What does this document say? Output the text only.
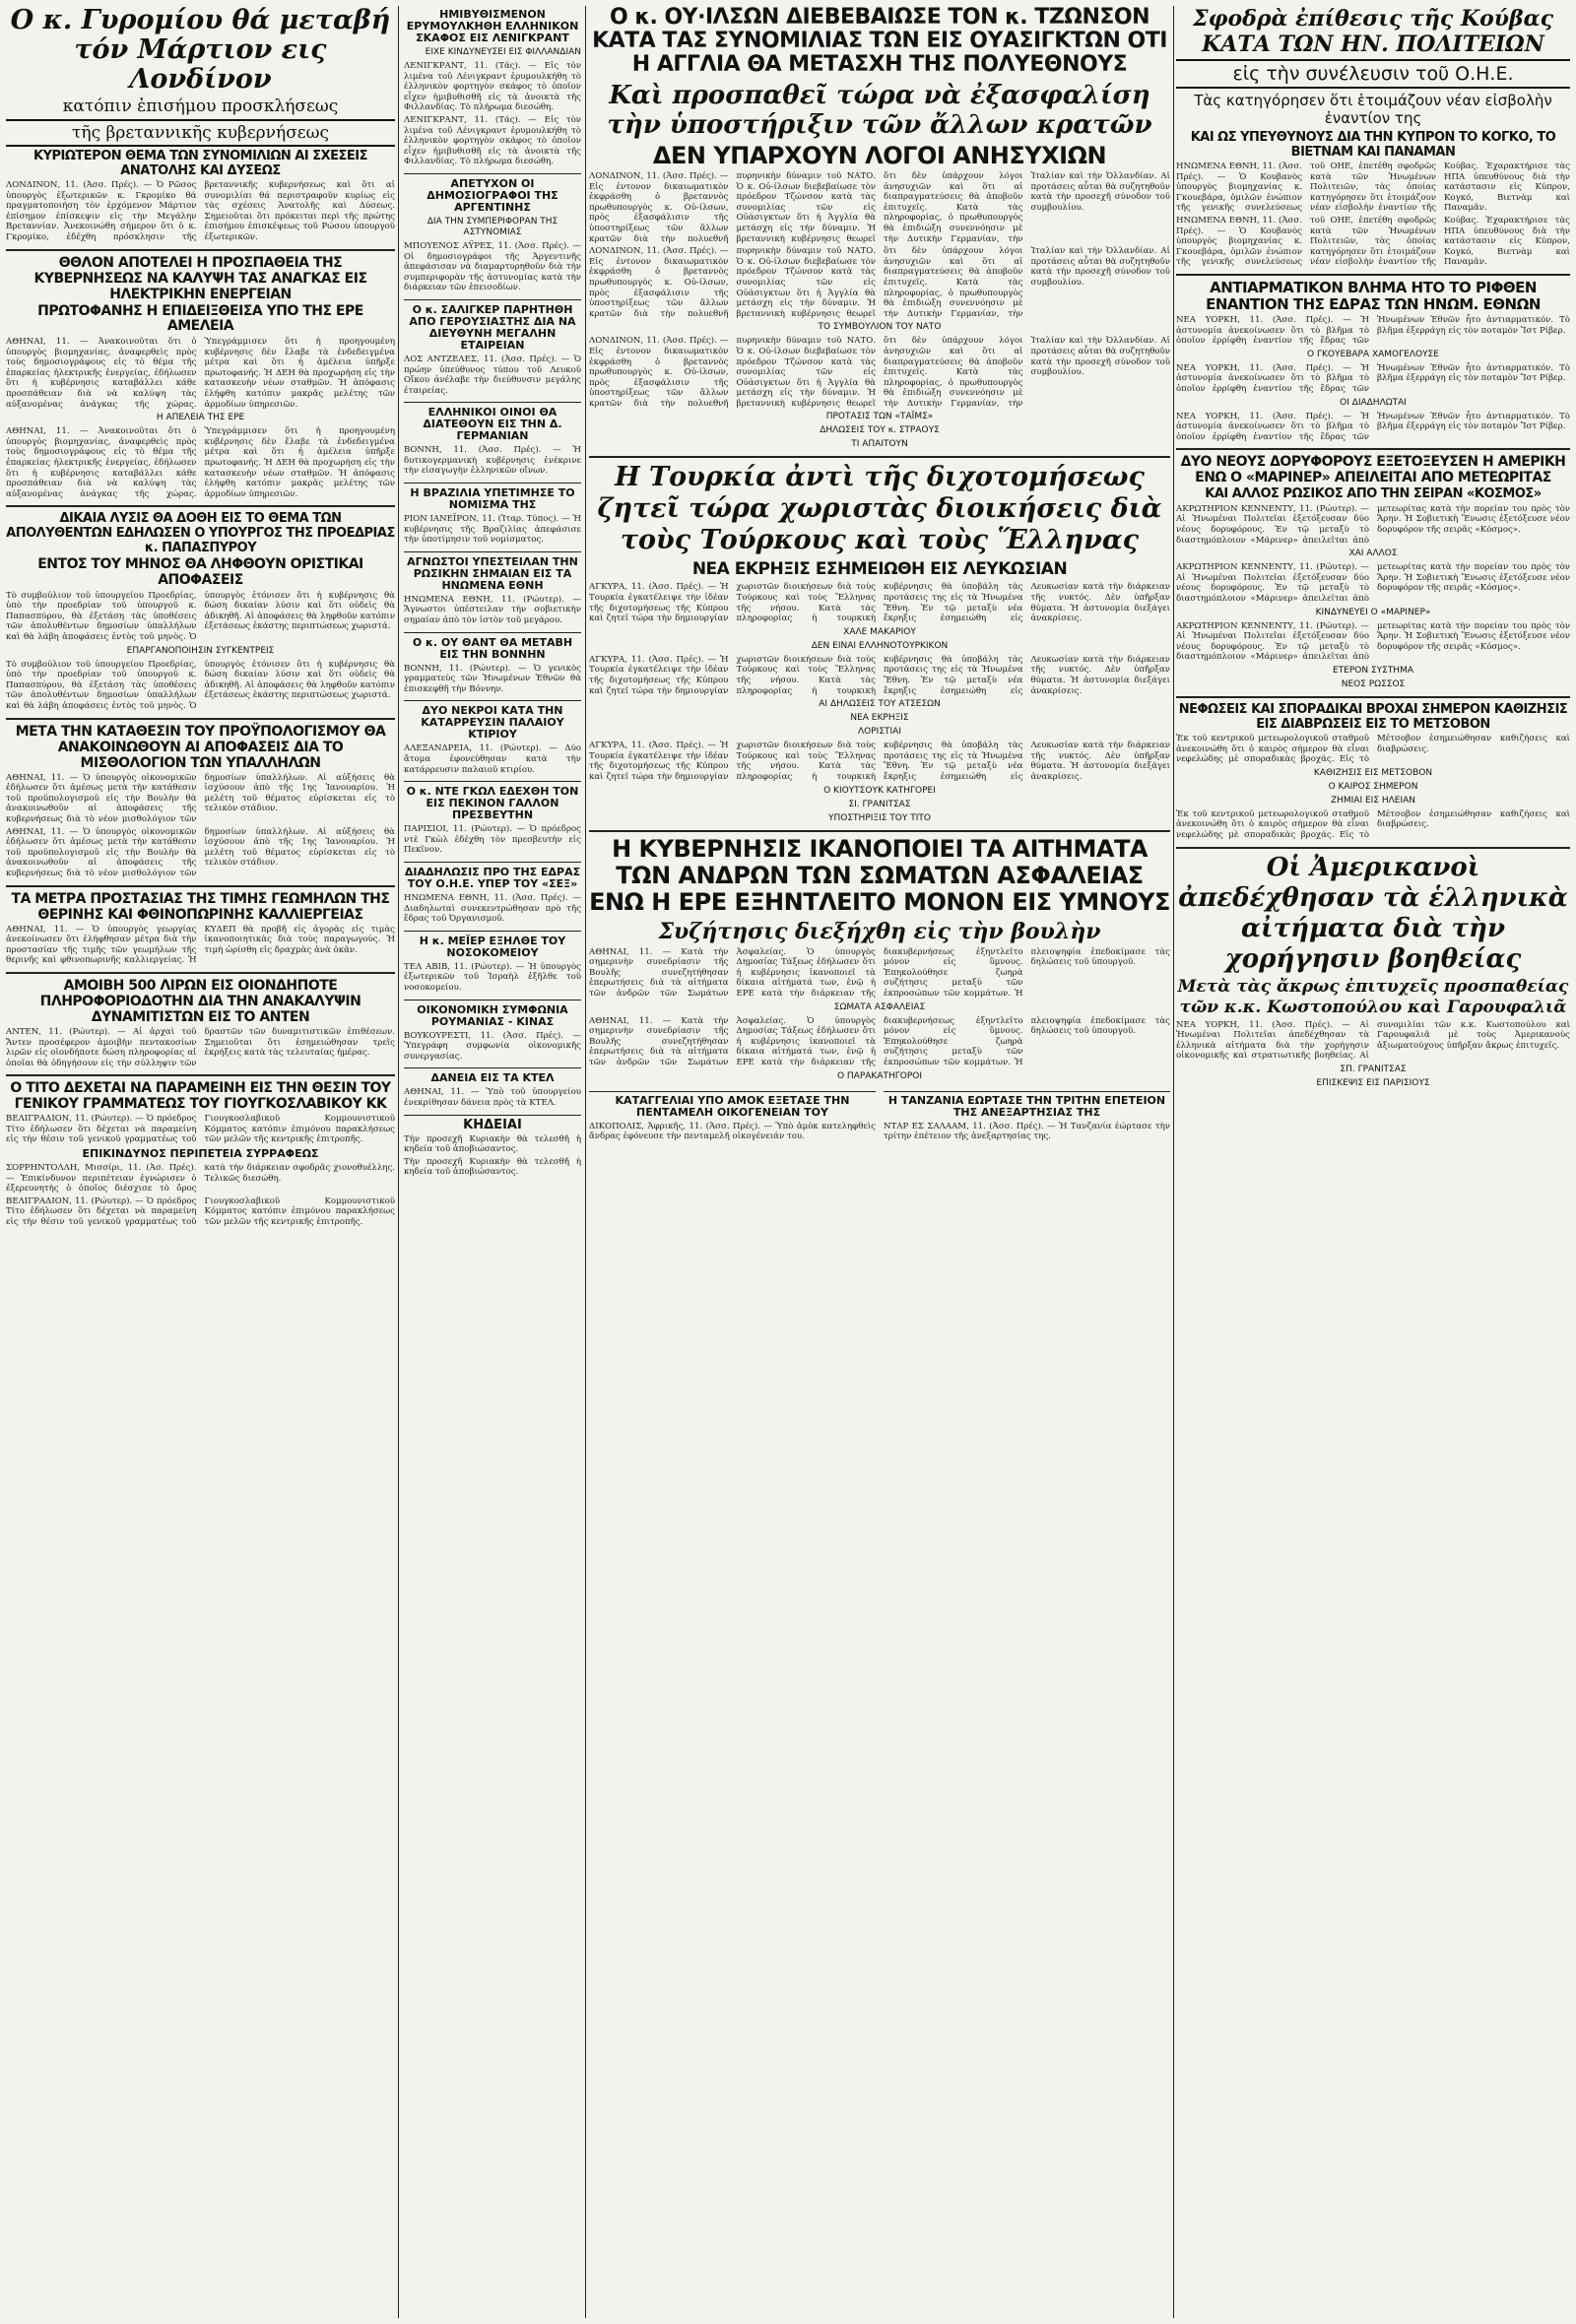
Ο κ. Γυρομίου θά μεταβή τόν Μάρτιον εις Λονδίνον
κατόπιν ἐπισήμου προσκλήσεως
τῆς βρεταννικῆς κυβερνήσεως
ΚΥΡΙΩΤΕΡΟΝ ΘΕΜΑ ΤΩΝ ΣΥΝΟΜΙΛΙΩΝ ΑΙ ΣΧΕΣΕΙΣ ΑΝΑΤΟΛΗΣ ΚΑΙ ΔΥΣΕΩΣ
ΛΟΝΔΙΝΟΝ, 11. (Ἀσσ. Πρές). — Ὁ Ρῶσος ὑπουργὸς ἐξωτερικῶν κ. Γκρομίκο θά πραγματοποιήση τὸν ἐρχόμενον Μάρτιον ἐπίσημον ἐπίσκεψιν εἰς τὴν Μεγάλην Βρεταννίαν. Ἀνεκοινώθη σήμερον ὅτι ὁ κ. Γκρομίκο, ἐδέχθη πρόσκλησιν τῆς βρεταννικῆς κυβερνήσεως καὶ ὅτι αἱ συνομιλίαι θά περιστραφοῦν κυρίως εἰς τὰς σχέσεις Ἀνατολῆς καὶ Δύσεως. Σημειοῦται ὅτι πρόκειται περὶ τῆς πρώτης ἐπισήμου ἐπισκέψεως τοῦ Ρώσου ὑπουργοῦ ἐξωτερικῶν.
ΘΘΛΟΝ ΑΠΟΤΕΛΕΙ Η ΠΡΟΣΠΑΘΕΙΑ ΤΗΣ ΚΥΒΕΡΝΗΣΕΩΣ ΝΑ ΚΑΛΥΨΗ ΤΑΣ ΑΝΑΓΚΑΣ ΕΙΣ ΗΛΕΚΤΡΙΚΗΝ ΕΝΕΡΓΕΙΑΝ
ΠΡΩΤΟΦΑΝΗΣ Η ΕΠΙΔΕΙΞΘΕΙΣΑ ΥΠΟ ΤΗΣ ΕΡΕ ΑΜΕΛΕΙΑ
ΑΘΗΝΑΙ, 11. — Ἀνακοινοῦται ὅτι ὁ ὑπουργὸς βιομηχανίας, ἀναφερθεὶς πρὸς τοὺς δημοσιογράφους εἰς τὸ θέμα τῆς ἐπαρκείας ἠλεκτρικῆς ἐνεργείας, ἐδήλωσεν ὅτι ἡ κυβέρνησις καταβάλλει κάθε προσπάθειαν διὰ νὰ καλύψη τὰς αὐξανομένας ἀνάγκας τῆς χώρας. Ὑπεγράμμισεν ὅτι ἡ προηγουμένη κυβέρνησις δὲν ἔλαβε τὰ ἐνδεδειγμένα μέτρα καὶ ὅτι ἡ ἀμέλεια ὑπῆρξε πρωτοφανής. Ἡ ΔΕΗ θὰ προχωρήση εἰς τὴν κατασκευὴν νέων σταθμῶν. Ἡ ἀπόφασις ἐλήφθη κατόπιν μακρᾶς μελέτης τῶν ἁρμοδίων ὑπηρεσιῶν.
Η ΑΠΕΛΕΙΑ ΤΗΣ ΕΡΕ
ΑΘΗΝΑΙ, 11. — Ἀνακοινοῦται ὅτι ὁ ὑπουργὸς βιομηχανίας, ἀναφερθεὶς πρὸς τοὺς δημοσιογράφους εἰς τὸ θέμα τῆς ἐπαρκείας ἠλεκτρικῆς ἐνεργείας, ἐδήλωσεν ὅτι ἡ κυβέρνησις καταβάλλει κάθε προσπάθειαν διὰ νὰ καλύψη τὰς αὐξανομένας ἀνάγκας τῆς χώρας. Ὑπεγράμμισεν ὅτι ἡ προηγουμένη κυβέρνησις δὲν ἔλαβε τὰ ἐνδεδειγμένα μέτρα καὶ ὅτι ἡ ἀμέλεια ὑπῆρξε πρωτοφανής. Ἡ ΔΕΗ θὰ προχωρήση εἰς τὴν κατασκευὴν νέων σταθμῶν. Ἡ ἀπόφασις ἐλήφθη κατόπιν μακρᾶς μελέτης τῶν ἁρμοδίων ὑπηρεσιῶν.
ΔΙΚΑΙΑ ΛΥΣΙΣ ΘΑ ΔΟΘΗ ΕΙΣ ΤΟ ΘΕΜΑ ΤΩΝ ΑΠΟΛΥΘΕΝΤΩΝ ΕΔΗΛΩΣΕΝ Ο ΥΠΟΥΡΓΟΣ ΤΗΣ ΠΡΟΕΔΡΙΑΣ κ. ΠΑΠΑΣΠΥΡΟΥ
ΕΝΤΟΣ ΤΟΥ ΜΗΝΟΣ ΘΑ ΛΗΦΘΟΥΝ ΟΡΙΣΤΙΚΑΙ ΑΠΟΦΑΣΕΙΣ
Τὸ συμβούλιον τοῦ ὑπουργείου Προεδρίας, ὑπὸ τὴν προεδρίαν τοῦ ὑπουργοῦ κ. Παπασπύρου, θὰ ἐξετάση τὰς ὑποθέσεις τῶν ἀπολυθέντων δημοσίων ὑπαλλήλων καὶ θὰ λάβη ἀποφάσεις ἐντὸς τοῦ μηνὸς. Ὁ ὑπουργὸς ἐτόνισεν ὅτι ἡ κυβέρνησις θὰ δώση δικαίαν λύσιν καὶ ὅτι οὐδεὶς θὰ ἀδικηθῆ. Αἱ ἀποφάσεις θὰ ληφθοῦν κατόπιν ἐξετάσεως ἑκάστης περιπτώσεως χωριστά.
ΕΠΑΡΓΑΝΟΠΟΙΗΣΙΝ ΣΥΓΚΕΝΤΡΕΙΣ
Τὸ συμβούλιον τοῦ ὑπουργείου Προεδρίας, ὑπὸ τὴν προεδρίαν τοῦ ὑπουργοῦ κ. Παπασπύρου, θὰ ἐξετάση τὰς ὑποθέσεις τῶν ἀπολυθέντων δημοσίων ὑπαλλήλων καὶ θὰ λάβη ἀποφάσεις ἐντὸς τοῦ μηνὸς. Ὁ ὑπουργὸς ἐτόνισεν ὅτι ἡ κυβέρνησις θὰ δώση δικαίαν λύσιν καὶ ὅτι οὐδεὶς θὰ ἀδικηθῆ. Αἱ ἀποφάσεις θὰ ληφθοῦν κατόπιν ἐξετάσεως ἑκάστης περιπτώσεως χωριστά.
ΜΕΤΑ ΤΗΝ ΚΑΤΑΘΕΣΙΝ ΤΟΥ ΠΡΟΫΠΟΛΟΓΙΣΜΟΥ ΘΑ ΑΝΑΚΟΙΝΩΘΟΥΝ ΑΙ ΑΠΟΦΑΣΕΙΣ ΔΙΑ ΤΟ ΜΙΣΘΟΛΟΓΙΟΝ ΤΩΝ ΥΠΑΛΛΗΛΩΝ
ΑΘΗΝΑΙ, 11. — Ὁ ὑπουργὸς οἰκονομικῶν ἐδήλωσεν ὅτι ἀμέσως μετὰ τὴν κατάθεσιν τοῦ προϋπολογισμοῦ εἰς τὴν Βουλὴν θὰ ἀνακοινωθοῦν αἱ ἀποφάσεις τῆς κυβερνήσεως διὰ τὸ νέον μισθολόγιον τῶν δημοσίων ὑπαλλήλων. Αἱ αὐξήσεις θὰ ἰσχύσουν ἀπὸ τῆς 1ης Ἰανουαρίου. Ἡ μελέτη τοῦ θέματος εὑρίσκεται εἰς τὸ τελικὸν στάδιον.
ΑΘΗΝΑΙ, 11. — Ὁ ὑπουργὸς οἰκονομικῶν ἐδήλωσεν ὅτι ἀμέσως μετὰ τὴν κατάθεσιν τοῦ προϋπολογισμοῦ εἰς τὴν Βουλὴν θὰ ἀνακοινωθοῦν αἱ ἀποφάσεις τῆς κυβερνήσεως διὰ τὸ νέον μισθολόγιον τῶν δημοσίων ὑπαλλήλων. Αἱ αὐξήσεις θὰ ἰσχύσουν ἀπὸ τῆς 1ης Ἰανουαρίου. Ἡ μελέτη τοῦ θέματος εὑρίσκεται εἰς τὸ τελικὸν στάδιον.
ΤΑ ΜΕΤΡΑ ΠΡΟΣΤΑΣΙΑΣ ΤΗΣ ΤΙΜΗΣ ΓΕΩΜΗΛΩΝ ΤΗΣ ΘΕΡΙΝΗΣ ΚΑΙ ΦΘΙΝΟΠΩΡΙΝΗΣ ΚΑΛΛΙΕΡΓΕΙΑΣ
ΑΘΗΝΑΙ, 11. — Ὁ ὑπουργὸς γεωργίας ἀνεκοίνωσεν ὅτι ἐλήφθησαν μέτρα διὰ τὴν προστασίαν τῆς τιμῆς τῶν γεωμήλων τῆς θερινῆς καὶ φθινοπωρινῆς καλλιεργείας. Ἡ ΚΥΔΕΠ θὰ προβῆ εἰς ἀγορὰς εἰς τιμὰς ἱκανοποιητικὰς διὰ τοὺς παραγωγούς. Ἡ τιμὴ ὡρίσθη εἰς δραχμὰς ἀνὰ ὀκᾶν.
ΑΜΟΙΒΗ 500 ΛΙΡΩΝ ΕΙΣ ΟΙΟΝΔΗΠΟΤΕ ΠΛΗΡΟΦΟΡΙΟΔΟΤΗΝ ΔΙΑ ΤΗΝ ΑΝΑΚΑΛΥΨΙΝ ΔΥΝΑΜΙΤΙΣΤΩΝ ΕΙΣ ΤΟ ΑΝΤΕΝ
ΑΝΤΕΝ, 11. (Ρώυτερ). — Αἱ ἀρχαὶ τοῦ Ἄντεν προσέφερον ἀμοιβὴν πεντακοσίων λιρῶν εἰς οἱονδήποτε δώση πληροφορίας αἱ ὁποῖαι θὰ ὁδηγήσουν εἰς τὴν σύλληψιν τῶν δραστῶν τῶν δυναμιτιστικῶν ἐπιθέσεων. Σημειοῦται ὅτι ἐσημειώθησαν τρεῖς ἐκρήξεις κατὰ τὰς τελευταίας ἡμέρας.
Ο ΤΙΤΟ ΔΕΧΕΤΑΙ ΝΑ ΠΑΡΑΜΕΙΝΗ ΕΙΣ ΤΗΝ ΘΕΣΙΝ ΤΟΥ ΓΕΝΙΚΟΥ ΓΡΑΜΜΑΤΕΩΣ ΤΟΥ ΓΙΟΥΓΚΟΣΛΑΒΙΚΟΥ ΚΚ
ΒΕΛΙΓΡΑΔΙΟΝ, 11. (Ρώυτερ). — Ὁ πρόεδρος Τίτο ἐδήλωσεν ὅτι δέχεται νὰ παραμείνη εἰς τὴν θέσιν τοῦ γενικοῦ γραμματέως τοῦ Γιουγκοσλαβικοῦ Κομμουνιστικοῦ Κόμματος κατόπιν ἐπιμόνου παρακλήσεως τῶν μελῶν τῆς κεντρικῆς ἐπιτροπῆς.
ΕΠΙΚΙΝΔΥΝΟΣ ΠΕΡΙΠΕΤΕΙΑ ΣΥΡΡΑΦΕΩΣ
ΣΟΡΡΗΝΤΟΛΛΗ, Μισσίρι, 11. (Ἀσ. Πρές). — Ἐπικίνδυνον περιπέτειαν ἐγνώρισεν ὁ ἐξερευνητὴς ὁ ὁποῖος διέσχισε τὸ ὄρος κατὰ τὴν διάρκειαν σφοδρᾶς χιονοθυέλλης. Τελικῶς διεσώθη.
ΒΕΛΙΓΡΑΔΙΟΝ, 11. (Ρώυτερ). — Ὁ πρόεδρος Τίτο ἐδήλωσεν ὅτι δέχεται νὰ παραμείνη εἰς τὴν θέσιν τοῦ γενικοῦ γραμματέως τοῦ Γιουγκοσλαβικοῦ Κομμουνιστικοῦ Κόμματος κατόπιν ἐπιμόνου παρακλήσεως τῶν μελῶν τῆς κεντρικῆς ἐπιτροπῆς.
ΗΜΙΒΥΘΙΣΜΕΝΟΝ ΕΡΥΜΟΥΛΚΗΘΗ ΕΛΛΗΝΙΚΟΝ ΣΚΑΦΟΣ ΕΙΣ ΛΕΝΙΓΚΡΑΝΤ
ΕΙΧΕ ΚΙΝΔΥΝΕΥΣΕΙ ΕΙΣ ΦΙΛΛΑΝΔΙΑΝ
ΛΕΝΙΓΚΡΑΝΤ, 11. (Τάς). — Εἰς τὸν λιμένα τοῦ Λένιγκραντ ἐρυμουλκήθη τὸ ἐλληνικὸν φορτηγὸν σκάφος τὸ ὁποῖον εἶχεν ἡμιβυθισθῆ εἰς τὰ ἀνοικτὰ τῆς Φιλλανδίας. Τὸ πλήρωμα διεσώθη.
ΛΕΝΙΓΚΡΑΝΤ, 11. (Τάς). — Εἰς τὸν λιμένα τοῦ Λένιγκραντ ἐρυμουλκήθη τὸ ἐλληνικὸν φορτηγὸν σκάφος τὸ ὁποῖον εἶχεν ἡμιβυθισθῆ εἰς τὰ ἀνοικτὰ τῆς Φιλλανδίας. Τὸ πλήρωμα διεσώθη.
ΑΠΕΤΥΧΟΝ ΟΙ ΔΗΜΟΣΙΟΓΡΑΦΟΙ ΤΗΣ ΑΡΓΕΝΤΙΝΗΣ
ΔΙΑ ΤΗΝ ΣΥΜΠΕΡΙΦΟΡΑΝ ΤΗΣ ΑΣΤΥΝΟΜΙΑΣ
ΜΠΟΥΕΝΟΣ ΑΫΡΕΣ, 11. (Ἀσσ. Πρές). — Οἱ δημοσιογράφοι τῆς Ἀργεντινῆς ἀπεφάσισαν νὰ διαμαρτυρηθοῦν διὰ τὴν συμπεριφορὰν τῆς ἀστυνομίας κατὰ τὴν διάρκειαν τῶν ἐπεισοδίων.
Ο κ. ΣΑΛΙΓΚΕΡ ΠΑΡΗΤΗΘΗ ΑΠΟ ΓΕΡΟΥΣΙΑΣΤΗΣ ΔΙΑ ΝΑ ΔΙΕΥΘΥΝΗ ΜΕΓΑΛΗΝ ΕΤΑΙΡΕΙΑΝ
ΛΟΣ ΑΝΤΖΕΛΕΣ, 11. (Ἀσσ. Πρές). — Ὁ πρώην ὑπεύθυνος τύπου τοῦ Λευκοῦ Οἴκου ἀνέλαβε τὴν διεύθυνσιν μεγάλης ἑταιρείας.
ΕΛΛΗΝΙΚΟΙ ΟΙΝΟΙ ΘΑ ΔΙΑΤΕΘΟΥΝ ΕΙΣ ΤΗΝ Δ. ΓΕΡΜΑΝΙΑΝ
ΒΟΝΝΗ, 11. (Ἀσσ. Πρές). — Ἡ δυτικογερμανικὴ κυβέρνησις ἐνέκρινε τὴν εἰσαγωγὴν ἑλληνικῶν οἴνων.
Η ΒΡΑΖΙΛΙΑ ΥΠΕΤΙΜΗΣΕ ΤΟ ΝΟΜΙΣΜΑ ΤΗΣ
ΡΙΟΝ ΙΑΝΕΪΡΟΝ, 11. (Ἰταρ. Τύπος). — Ἡ κυβέρνησις τῆς Βραζιλίας ἀπεφάσισε τὴν ὑποτίμησιν τοῦ νομίσματος.
ΑΓΝΩΣΤΟΙ ΥΠΕΣΤΕΙΛΑΝ ΤΗΝ ΡΩΣΙΚΗΝ ΣΗΜΑΙΑΝ ΕΙΣ ΤΑ ΗΝΩΜΕΝΑ ΕΘΝΗ
ΗΝΩΜΕΝΑ ΕΘΝΗ, 11. (Ρώυτερ). — Ἄγνωστοι ὑπέστειλαν τὴν σοβιετικὴν σημαίαν ἀπὸ τὸν ἱστὸν τοῦ μεγάρου.
Ο κ. ΟΥ ΘΑΝΤ ΘΑ ΜΕΤΑΒΗ ΕΙΣ ΤΗΝ ΒΟΝΝΗΝ
ΒΟΝΝΗ, 11. (Ρώυτερ). — Ὁ γενικὸς γραμματεὺς τῶν Ἡνωμένων Ἐθνῶν θὰ ἐπισκεφθῆ τὴν Βόννην.
ΔΥΟ ΝΕΚΡΟΙ ΚΑΤΑ ΤΗΝ ΚΑΤΑΡΡΕΥΣΙΝ ΠΑΛΑΙΟΥ ΚΤΙΡΙΟΥ
ΑΛΕΞΑΝΔΡΕΙΑ, 11. (Ρώυτερ). — Δύο ἄτομα ἐφονεύθησαν κατὰ τὴν κατάρρευσιν παλαιοῦ κτιρίου.
Ο κ. ΝΤΕ ΓΚΩΛ ΕΔΕΧΘΗ ΤΟΝ ΕΙΣ ΠΕΚΙΝΟΝ ΓΑΛΛΟΝ ΠΡΕΣΒΕΥΤΗΝ
ΠΑΡΙΣΙΟΙ, 11. (Ρώυτερ). — Ὁ πρόεδρος ντὲ Γκὼλ ἐδέχθη τὸν πρεσβευτὴν εἰς Πεκῖνον.
ΔΙΑΔΗΛΩΣΙΣ ΠΡΟ ΤΗΣ ΕΔΡΑΣ ΤΟΥ Ο.Η.Ε. ΥΠΕΡ ΤΟΥ «ΣΕΞ»
ΗΝΩΜΕΝΑ ΕΘΝΗ, 11. (Ἀσσ. Πρές). — Διαδηλωταὶ συνεκεντρώθησαν πρὸ τῆς ἕδρας τοῦ Ὀργανισμοῦ.
Η κ. ΜΕΪΕΡ ΕΞΗΛΘΕ ΤΟΥ ΝΟΣΟΚΟΜΕΙΟΥ
ΤΕΛ ΑΒΙΒ, 11. (Ρώυτερ). — Ἡ ὑπουργὸς ἐξωτερικῶν τοῦ Ἰσραὴλ ἐξῆλθε τοῦ νοσοκομείου.
ΟΙΚΟΝΟΜΙΚΗ ΣΥΜΦΩΝΙΑ ΡΟΥΜΑΝΙΑΣ - ΚΙΝΑΣ
ΒΟΥΚΟΥΡΕΣΤΙ, 11. (Ἀσσ. Πρές). — Ὑπεγράφη συμφωνία οἰκονομικῆς συνεργασίας.
ΔΑΝΕΙΑ ΕΙΣ ΤΑ ΚΤΕΛ
ΑΘΗΝΑΙ, 11. — Ὑπὸ τοῦ ὑπουργείου ἐνεκρίθησαν δάνεια πρὸς τὰ ΚΤΕΛ.
ΚΗΔΕΙΑΙ
Τὴν προσεχῆ Κυριακὴν θὰ τελεσθῆ ἡ κηδεία τοῦ ἀποβιώσαντος.
Τὴν προσεχῆ Κυριακὴν θὰ τελεσθῆ ἡ κηδεία τοῦ ἀποβιώσαντος.
Ο κ. ΟΥ·ΙΛΣΩΝ ΔΙΕΒΕΒΑΙΩΣΕ ΤΟΝ κ. ΤΖΩΝΣΟΝ ΚΑΤΑ ΤΑΣ ΣΥΝΟΜΙΛΙΑΣ ΤΩΝ ΕΙΣ ΟΥΑΣΙΓΚΤΩΝ ΟΤΙ Η ΑΓΓΛΙΑ ΘΑ ΜΕΤΑΣΧΗ ΤΗΣ ΠΟΛΥΕΘΝΟΥΣ
Καὶ προσπαθεῖ τώρα νὰ ἐξασφαλίση τὴν ὑποστήριξιν τῶν ἄλλων κρατῶν
ΔΕΝ ΥΠΑΡΧΟΥΝ ΛΟΓΟΙ ΑΝΗΣΥΧΙΩΝ
ΛΟΝΔΙΝΟΝ, 11. (Ἀσσ. Πρές). — Εἰς ἐντονον δικαιωματικὸν ἐκφράσθη ὁ βρεταννὸς πρωθυπουργὸς κ. Οὐ-ίλσων, πρὸς ἐξασφάλισιν τῆς ὑποστηρίξεως τῶν ἄλλων κρατῶν διὰ τὴν πολυεθνῆ πυρηνικὴν δύναμιν τοῦ ΝΑΤΟ. Ὁ κ. Οὐ-ίλσων διεβεβαίωσε τὸν πρόεδρον Τζώνσον κατὰ τὰς συνομιλίας τῶν εἰς Οὐάσιγκτων ὅτι ἡ Ἀγγλία θὰ μετάσχη εἰς τὴν δύναμιν. Ἡ βρεταννικὴ κυβέρνησις θεωρεῖ ὅτι δὲν ὑπάρχουν λόγοι ἀνησυχιῶν καὶ ὅτι αἱ διαπραγματεύσεις θὰ ἀποβοῦν ἐπιτυχεῖς. Κατὰ τὰς πληροφορίας, ὁ πρωθυπουργὸς θὰ ἐπιδιώξη συνεννόησιν μὲ τὴν Δυτικὴν Γερμανίαν, τὴν Ἰταλίαν καὶ τὴν Ὀλλανδίαν. Αἱ προτάσεις αὗται θὰ συζητηθοῦν κατὰ τὴν προσεχῆ σύνοδον τοῦ συμβουλίου.
ΛΟΝΔΙΝΟΝ, 11. (Ἀσσ. Πρές). — Εἰς ἐντονον δικαιωματικὸν ἐκφράσθη ὁ βρεταννὸς πρωθυπουργὸς κ. Οὐ-ίλσων, πρὸς ἐξασφάλισιν τῆς ὑποστηρίξεως τῶν ἄλλων κρατῶν διὰ τὴν πολυεθνῆ πυρηνικὴν δύναμιν τοῦ ΝΑΤΟ. Ὁ κ. Οὐ-ίλσων διεβεβαίωσε τὸν πρόεδρον Τζώνσον κατὰ τὰς συνομιλίας τῶν εἰς Οὐάσιγκτων ὅτι ἡ Ἀγγλία θὰ μετάσχη εἰς τὴν δύναμιν. Ἡ βρεταννικὴ κυβέρνησις θεωρεῖ ὅτι δὲν ὑπάρχουν λόγοι ἀνησυχιῶν καὶ ὅτι αἱ διαπραγματεύσεις θὰ ἀποβοῦν ἐπιτυχεῖς. Κατὰ τὰς πληροφορίας, ὁ πρωθυπουργὸς θὰ ἐπιδιώξη συνεννόησιν μὲ τὴν Δυτικὴν Γερμανίαν, τὴν Ἰταλίαν καὶ τὴν Ὀλλανδίαν. Αἱ προτάσεις αὗται θὰ συζητηθοῦν κατὰ τὴν προσεχῆ σύνοδον τοῦ συμβουλίου.
ΤΟ ΣΥΜΒΟΥΛΙΟΝ ΤΟΥ ΝΑΤΟ
ΛΟΝΔΙΝΟΝ, 11. (Ἀσσ. Πρές). — Εἰς ἐντονον δικαιωματικὸν ἐκφράσθη ὁ βρεταννὸς πρωθυπουργὸς κ. Οὐ-ίλσων, πρὸς ἐξασφάλισιν τῆς ὑποστηρίξεως τῶν ἄλλων κρατῶν διὰ τὴν πολυεθνῆ πυρηνικὴν δύναμιν τοῦ ΝΑΤΟ. Ὁ κ. Οὐ-ίλσων διεβεβαίωσε τὸν πρόεδρον Τζώνσον κατὰ τὰς συνομιλίας τῶν εἰς Οὐάσιγκτων ὅτι ἡ Ἀγγλία θὰ μετάσχη εἰς τὴν δύναμιν. Ἡ βρεταννικὴ κυβέρνησις θεωρεῖ ὅτι δὲν ὑπάρχουν λόγοι ἀνησυχιῶν καὶ ὅτι αἱ διαπραγματεύσεις θὰ ἀποβοῦν ἐπιτυχεῖς. Κατὰ τὰς πληροφορίας, ὁ πρωθυπουργὸς θὰ ἐπιδιώξη συνεννόησιν μὲ τὴν Δυτικὴν Γερμανίαν, τὴν Ἰταλίαν καὶ τὴν Ὀλλανδίαν. Αἱ προτάσεις αὗται θὰ συζητηθοῦν κατὰ τὴν προσεχῆ σύνοδον τοῦ συμβουλίου.
ΠΡΟΤΑΣΙΣ ΤΩΝ «ΤΑΪΜΣ»
ΔΗΛΩΣΕΙΣ ΤΟΥ κ. ΣΤΡΑΟΥΣ
ΤΙ ΑΠΑΙΤΟΥΝ
Η Τουρκία ἀντὶ τῆς διχοτομήσεως ζητεῖ τώρα χωριστὰς διοικήσεις διὰ τοὺς Τούρκους καὶ τοὺς Ἕλληνας
ΝΕΑ ΕΚΡΗΞΙΣ ΕΣΗΜΕΙΩΘΗ ΕΙΣ ΛΕΥΚΩΣΙΑΝ
ΑΓΚΥΡΑ, 11. (Ἀσσ. Πρές). — Ἡ Τουρκία ἐγκατέλειψε τὴν ἰδέαν τῆς διχοτομήσεως τῆς Κύπρου καὶ ζητεῖ τώρα τὴν δημιουργίαν χωριστῶν διοικήσεων διὰ τοὺς Τούρκους καὶ τοὺς Ἕλληνας τῆς νήσου. Κατὰ τὰς πληροφορίας ἡ τουρκικὴ κυβέρνησις θὰ ὑποβάλη τὰς προτάσεις της εἰς τὰ Ἡνωμένα Ἔθνη. Ἐν τῷ μεταξὺ νέα ἔκρηξις ἐσημειώθη εἰς Λευκωσίαν κατὰ τὴν διάρκειαν τῆς νυκτός. Δὲν ὑπῆρξαν θύματα. Ἡ ἀστυνομία διεξάγει ἀνακρίσεις.
ΧΑΛΕ ΜΑΚΑΡΙΟΥ
ΔΕΝ ΕΙΝΑΙ ΕΛΛΗΝΟΤΟΥΡΚΙΚΟΝ
ΑΓΚΥΡΑ, 11. (Ἀσσ. Πρές). — Ἡ Τουρκία ἐγκατέλειψε τὴν ἰδέαν τῆς διχοτομήσεως τῆς Κύπρου καὶ ζητεῖ τώρα τὴν δημιουργίαν χωριστῶν διοικήσεων διὰ τοὺς Τούρκους καὶ τοὺς Ἕλληνας τῆς νήσου. Κατὰ τὰς πληροφορίας ἡ τουρκικὴ κυβέρνησις θὰ ὑποβάλη τὰς προτάσεις της εἰς τὰ Ἡνωμένα Ἔθνη. Ἐν τῷ μεταξὺ νέα ἔκρηξις ἐσημειώθη εἰς Λευκωσίαν κατὰ τὴν διάρκειαν τῆς νυκτός. Δὲν ὑπῆρξαν θύματα. Ἡ ἀστυνομία διεξάγει ἀνακρίσεις.
ΑΙ ΔΗΛΩΣΕΙΣ ΤΟΥ ΑΤΣΕΣΩΝ
ΝΕΑ ΕΚΡΗΞΙΣ
ΛΟΡΙΣΤΙΑΙ
ΑΓΚΥΡΑ, 11. (Ἀσσ. Πρές). — Ἡ Τουρκία ἐγκατέλειψε τὴν ἰδέαν τῆς διχοτομήσεως τῆς Κύπρου καὶ ζητεῖ τώρα τὴν δημιουργίαν χωριστῶν διοικήσεων διὰ τοὺς Τούρκους καὶ τοὺς Ἕλληνας τῆς νήσου. Κατὰ τὰς πληροφορίας ἡ τουρκικὴ κυβέρνησις θὰ ὑποβάλη τὰς προτάσεις της εἰς τὰ Ἡνωμένα Ἔθνη. Ἐν τῷ μεταξὺ νέα ἔκρηξις ἐσημειώθη εἰς Λευκωσίαν κατὰ τὴν διάρκειαν τῆς νυκτός. Δὲν ὑπῆρξαν θύματα. Ἡ ἀστυνομία διεξάγει ἀνακρίσεις.
Ο ΚΙΟΥΤΣΟΥΚ ΚΑΤΗΓΟΡΕΙ
ΣΙ. ΓΡΑΝΙΤΣΑΣ
ΥΠΟΣΤΗΡΙΞΙΣ ΤΟΥ ΤΙΤΟ
Η ΚΥΒΕΡΝΗΣΙΣ ΙΚΑΝΟΠΟΙΕΙ ΤΑ ΑΙΤΗΜΑΤΑ ΤΩΝ ΑΝΔΡΩΝ ΤΩΝ ΣΩΜΑΤΩΝ ΑΣΦΑΛΕΙΑΣ ΕΝΩ Η ΕΡΕ ΕΞΗΝΤΛΕΙΤΟ ΜΟΝΟΝ ΕΙΣ ΥΜΝΟΥΣ
Συζήτησις διεξήχθη εἰς τὴν βουλὴν
ΑΘΗΝΑΙ, 11. — Κατὰ τὴν σημερινὴν συνεδρίασιν τῆς Βουλῆς συνεζητήθησαν ἐπερωτήσεις διὰ τὰ αἰτήματα τῶν ἀνδρῶν τῶν Σωμάτων Ἀσφαλείας. Ὁ ὑπουργὸς Δημοσίας Τάξεως ἐδήλωσεν ὅτι ἡ κυβέρνησις ἱκανοποιεῖ τὰ δίκαια αἰτήματά των, ἐνῷ ἡ ΕΡΕ κατὰ τὴν διάρκειαν τῆς διακυβερνήσεως ἐξηντλεῖτο μόνον εἰς ὕμνους. Ἐπηκολούθησε ζωηρὰ συζήτησις μεταξὺ τῶν ἐκπροσώπων τῶν κομμάτων. Ἡ πλειοψηφία ἐπεδοκίμασε τὰς δηλώσεις τοῦ ὑπουργοῦ.
ΣΩΜΑΤΑ ΑΣΦΑΛΕΙΑΣ
ΑΘΗΝΑΙ, 11. — Κατὰ τὴν σημερινὴν συνεδρίασιν τῆς Βουλῆς συνεζητήθησαν ἐπερωτήσεις διὰ τὰ αἰτήματα τῶν ἀνδρῶν τῶν Σωμάτων Ἀσφαλείας. Ὁ ὑπουργὸς Δημοσίας Τάξεως ἐδήλωσεν ὅτι ἡ κυβέρνησις ἱκανοποιεῖ τὰ δίκαια αἰτήματά των, ἐνῷ ἡ ΕΡΕ κατὰ τὴν διάρκειαν τῆς διακυβερνήσεως ἐξηντλεῖτο μόνον εἰς ὕμνους. Ἐπηκολούθησε ζωηρὰ συζήτησις μεταξὺ τῶν ἐκπροσώπων τῶν κομμάτων. Ἡ πλειοψηφία ἐπεδοκίμασε τὰς δηλώσεις τοῦ ὑπουργοῦ.
Ο ΠΑΡΑΚΑΤΗΓΟΡΟΙ
ΚΑΤΑΓΓΕΛΙΑΙ ΥΠΟ ΑΜΟΚ ΕΞΕΤΑΣΕ ΤΗΝ ΠΕΝΤΑΜΕΛΗ ΟΙΚΟΓΕΝΕΙΑΝ ΤΟΥ
ΔΙΚΟΠΟΛΙΣ, Ἀφρικῆς, 11. (Ἀσσ. Πρές). — Ὑπὸ ἀμὸκ κατεληφθεὶς ἄνδρας ἐφόνευσε τὴν πενταμελῆ οἰκογένειάν του.
Η ΤΑΝΖΑΝΙΑ ΕΩΡΤΑΣΕ ΤΗΝ ΤΡΙΤΗΝ ΕΠΕΤΕΙΟΝ ΤΗΣ ΑΝΕΞΑΡΤΗΣΙΑΣ ΤΗΣ
ΝΤΑΡ ΕΣ ΣΑΛΑΑΜ, 11. (Ἀσσ. Πρές). — Ἡ Τανζανία ἑώρτασε τὴν τρίτην ἐπέτειον τῆς ἀνεξαρτησίας της.
Σφοδρὰ ἐπίθεσις τῆς Κούβας ΚΑΤΑ ΤΩΝ ΗΝ. ΠΟΛΙΤΕΙΩΝ
εἰς τὴν συνέλευσιν τοῦ Ο.Η.Ε.
Τὰς κατηγόρησεν ὅτι ἑτοιμάζουν νέαν εἰσβολὴν ἐναντίον της
ΚΑΙ ΩΣ ΥΠΕΥΘΥΝΟΥΣ ΔΙΑ ΤΗΝ ΚΥΠΡΟΝ ΤΟ ΚΟΓΚΟ, ΤΟ ΒΙΕΤΝΑΜ ΚΑΙ ΠΑΝΑΜΑΝ
ΗΝΩΜΕΝΑ ΕΘΝΗ, 11. (Ἀσσ. Πρές). — Ὁ Κουβανὸς ὑπουργὸς βιομηχανίας κ. Γκουεβάρα, ὁμιλῶν ἐνώπιον τῆς γενικῆς συνελεύσεως τοῦ ΟΗΕ, ἐπετέθη σφοδρῶς κατὰ τῶν Ἡνωμένων Πολιτειῶν, τὰς ὁποίας κατηγόρησεν ὅτι ἑτοιμάζουν νέαν εἰσβολὴν ἐναντίον τῆς Κούβας. Ἐχαρακτήρισε τὰς ΗΠΑ ὑπευθύνους διὰ τὴν κατάστασιν εἰς Κύπρον, Κογκό, Βιετνὰμ καὶ Παναμᾶν.
ΗΝΩΜΕΝΑ ΕΘΝΗ, 11. (Ἀσσ. Πρές). — Ὁ Κουβανὸς ὑπουργὸς βιομηχανίας κ. Γκουεβάρα, ὁμιλῶν ἐνώπιον τῆς γενικῆς συνελεύσεως τοῦ ΟΗΕ, ἐπετέθη σφοδρῶς κατὰ τῶν Ἡνωμένων Πολιτειῶν, τὰς ὁποίας κατηγόρησεν ὅτι ἑτοιμάζουν νέαν εἰσβολὴν ἐναντίον τῆς Κούβας. Ἐχαρακτήρισε τὰς ΗΠΑ ὑπευθύνους διὰ τὴν κατάστασιν εἰς Κύπρον, Κογκό, Βιετνὰμ καὶ Παναμᾶν.
ΑΝΤΙΑΡΜΑΤΙΚΟΝ ΒΛΗΜΑ ΗΤΟ ΤΟ ΡΙΦΘΕΝ ΕΝΑΝΤΙΟΝ ΤΗΣ ΕΔΡΑΣ ΤΩΝ ΗΝΩΜ. ΕΘΝΩΝ
ΝΕΑ ΥΟΡΚΗ, 11. (Ἀσσ. Πρές). — Ἡ ἀστυνομία ἀνεκοίνωσεν ὅτι τὸ βλῆμα τὸ ὁποῖον ἐρρίφθη ἐναντίον τῆς ἕδρας τῶν Ἡνωμένων Ἐθνῶν ἦτο ἀντιαρματικόν. Τὸ βλῆμα ἐξερράγη εἰς τὸν ποταμὸν Ἴστ Ρίβερ.
Ο ΓΚΟΥΕΒΑΡΑ ΧΑΜΟΓΕΛΟΥΣΕ
ΝΕΑ ΥΟΡΚΗ, 11. (Ἀσσ. Πρές). — Ἡ ἀστυνομία ἀνεκοίνωσεν ὅτι τὸ βλῆμα τὸ ὁποῖον ἐρρίφθη ἐναντίον τῆς ἕδρας τῶν Ἡνωμένων Ἐθνῶν ἦτο ἀντιαρματικόν. Τὸ βλῆμα ἐξερράγη εἰς τὸν ποταμὸν Ἴστ Ρίβερ.
ΟΙ ΔΙΑΔΗΛΩΤΑΙ
ΝΕΑ ΥΟΡΚΗ, 11. (Ἀσσ. Πρές). — Ἡ ἀστυνομία ἀνεκοίνωσεν ὅτι τὸ βλῆμα τὸ ὁποῖον ἐρρίφθη ἐναντίον τῆς ἕδρας τῶν Ἡνωμένων Ἐθνῶν ἦτο ἀντιαρματικόν. Τὸ βλῆμα ἐξερράγη εἰς τὸν ποταμὸν Ἴστ Ρίβερ.
ΔΥΟ ΝΕΟΥΣ ΔΟΡΥΦΟΡΟΥΣ ΕΞΕΤΟΞΕΥΣΕΝ Η ΑΜΕΡΙΚΗ ΕΝΩ Ο «ΜΑΡΙΝΕΡ» ΑΠΕΙΛΕΙΤΑΙ ΑΠΟ ΜΕΤΕΩΡΙΤΑΣ
ΚΑΙ ΑΛΛΟΣ ΡΩΣΙΚΟΣ ΑΠΟ ΤΗΝ ΣΕΙΡΑΝ «ΚΟΣΜΟΣ»
ΑΚΡΩΤΗΡΙΟΝ ΚΕΝΝΕΝΤΥ, 11. (Ρώυτερ). — Αἱ Ἡνωμέναι Πολιτεῖαι ἐξετόξευσαν δύο νέους δορυφόρους. Ἐν τῷ μεταξὺ τὸ διαστημόπλοιον «Μάρινερ» ἀπειλεῖται ἀπὸ μετεωρίτας κατὰ τὴν πορείαν του πρὸς τὸν Ἄρην. Ἡ Σοβιετικὴ Ἕνωσις ἐξετόξευσε νέον δορυφόρον τῆς σειρᾶς «Κόσμος».
ΧΑΙ ΑΛΛΟΣ
ΑΚΡΩΤΗΡΙΟΝ ΚΕΝΝΕΝΤΥ, 11. (Ρώυτερ). — Αἱ Ἡνωμέναι Πολιτεῖαι ἐξετόξευσαν δύο νέους δορυφόρους. Ἐν τῷ μεταξὺ τὸ διαστημόπλοιον «Μάρινερ» ἀπειλεῖται ἀπὸ μετεωρίτας κατὰ τὴν πορείαν του πρὸς τὸν Ἄρην. Ἡ Σοβιετικὴ Ἕνωσις ἐξετόξευσε νέον δορυφόρον τῆς σειρᾶς «Κόσμος».
ΚΙΝΔΥΝΕΥΕΙ Ο «ΜΑΡΙΝΕΡ»
ΑΚΡΩΤΗΡΙΟΝ ΚΕΝΝΕΝΤΥ, 11. (Ρώυτερ). — Αἱ Ἡνωμέναι Πολιτεῖαι ἐξετόξευσαν δύο νέους δορυφόρους. Ἐν τῷ μεταξὺ τὸ διαστημόπλοιον «Μάρινερ» ἀπειλεῖται ἀπὸ μετεωρίτας κατὰ τὴν πορείαν του πρὸς τὸν Ἄρην. Ἡ Σοβιετικὴ Ἕνωσις ἐξετόξευσε νέον δορυφόρον τῆς σειρᾶς «Κόσμος».
ΕΤΕΡΟΝ ΣΥΣΤΗΜΑ
ΝΕΟΣ ΡΩΣΣΟΣ
ΝΕΦΩΣΕΙΣ ΚΑΙ ΣΠΟΡΑΔΙΚΑΙ ΒΡΟΧΑΙ ΣΗΜΕΡΟΝ ΚΑΘΙΖΗΣΙΣ ΕΙΣ ΔΙΑΒΡΩΣΕΙΣ ΕΙΣ ΤΟ ΜΕΤΣΟΒΟΝ
Ἐκ τοῦ κεντρικοῦ μετεωρολογικοῦ σταθμοῦ ἀνεκοινώθη ὅτι ὁ καιρὸς σήμερον θὰ εἶναι νεφελώδης μὲ σποραδικὰς βροχάς. Εἰς τὸ Μέτσοβον ἐσημειώθησαν καθιζήσεις καὶ διαβρώσεις.
ΚΑΘΙΖΗΣΙΣ ΕΙΣ ΜΕΤΣΟΒΟΝ
Ο ΚΑΙΡΟΣ ΣΗΜΕΡΟΝ
ΖΗΜΙΑΙ ΕΙΣ ΗΛΕΙΑΝ
Ἐκ τοῦ κεντρικοῦ μετεωρολογικοῦ σταθμοῦ ἀνεκοινώθη ὅτι ὁ καιρὸς σήμερον θὰ εἶναι νεφελώδης μὲ σποραδικὰς βροχάς. Εἰς τὸ Μέτσοβον ἐσημειώθησαν καθιζήσεις καὶ διαβρώσεις.
Οἱ Ἀμερικανοὶ ἀπεδέχθησαν τὰ ἑλληνικὰ αἰτήματα διὰ τὴν χορήγησιν βοηθείας
Μετὰ τὰς ἄκρως ἐπιτυχεῖς προσπαθείας τῶν κ.κ. Κωστοπούλου καὶ Γαρουφαλιᾶ
ΝΕΑ ΥΟΡΚΗ, 11. (Ἀσσ. Πρές). — Αἱ Ἡνωμέναι Πολιτεῖαι ἀπεδέχθησαν τὰ ἑλληνικὰ αἰτήματα διὰ τὴν χορήγησιν οἰκονομικῆς καὶ στρατιωτικῆς βοηθείας. Αἱ συνομιλίαι τῶν κ.κ. Κωστοπούλου καὶ Γαρουφαλιᾶ μὲ τοὺς Ἀμερικανοὺς ἀξιωματούχους ὑπῆρξαν ἄκρως ἐπιτυχεῖς.
ΣΠ. ΓΡΑΝΙΤΣΑΣ
ΕΠΙΣΚΕΨΙΣ ΕΙΣ ΠΑΡΙΣΙΟΥΣ
